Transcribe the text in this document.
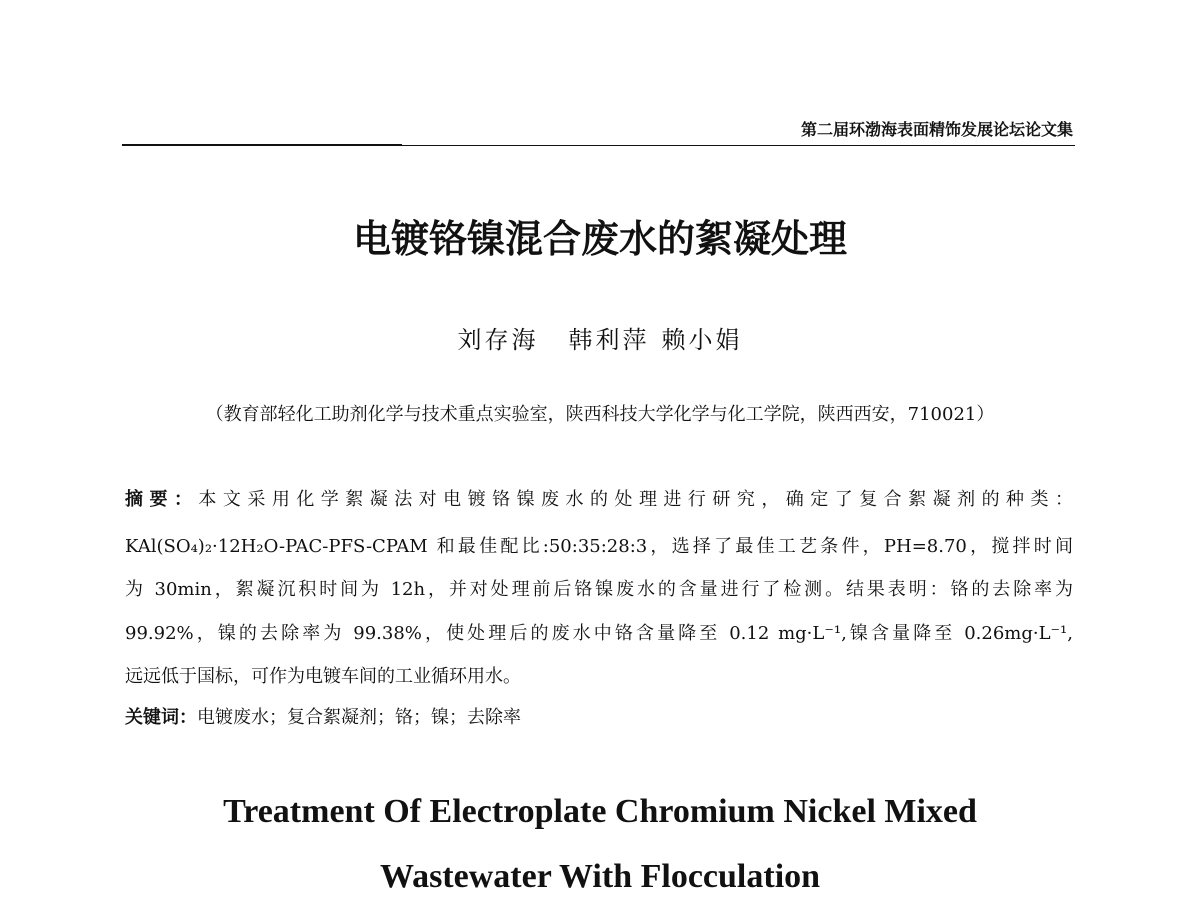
第二届环渤海表面精饰发展论坛论文集
电镀铬镍混合废水的絮凝处理
刘存海 韩利萍 赖小娟
（教育部轻化工助剂化学与技术重点实验室，陕西科技大学化学与化工学院，陕西西安，710021）
摘要：本文采用化学絮凝法对电镀铬镍废水的处理进行研究，确定了复合絮凝剂的种类：
KAl(SO₄)₂·12H₂O-PAC-PFS-CPAM 和最佳配比:50:35:28:3，选择了最佳工艺条件，PH=8.70，搅拌时间
为 30min，絮凝沉积时间为 12h，并对处理前后铬镍废水的含量进行了检测。结果表明：铬的去除率为
99.92%，镍的去除率为 99.38%，使处理后的废水中铬含量降至 0.12 mg·L⁻¹,镍含量降至 0.26mg·L⁻¹,
远远低于国标，可作为电镀车间的工业循环用水。
关键词：电镀废水；复合絮凝剂；铬；镍；去除率
Treatment Of Electroplate Chromium Nickel Mixed
Wastewater With Flocculation
